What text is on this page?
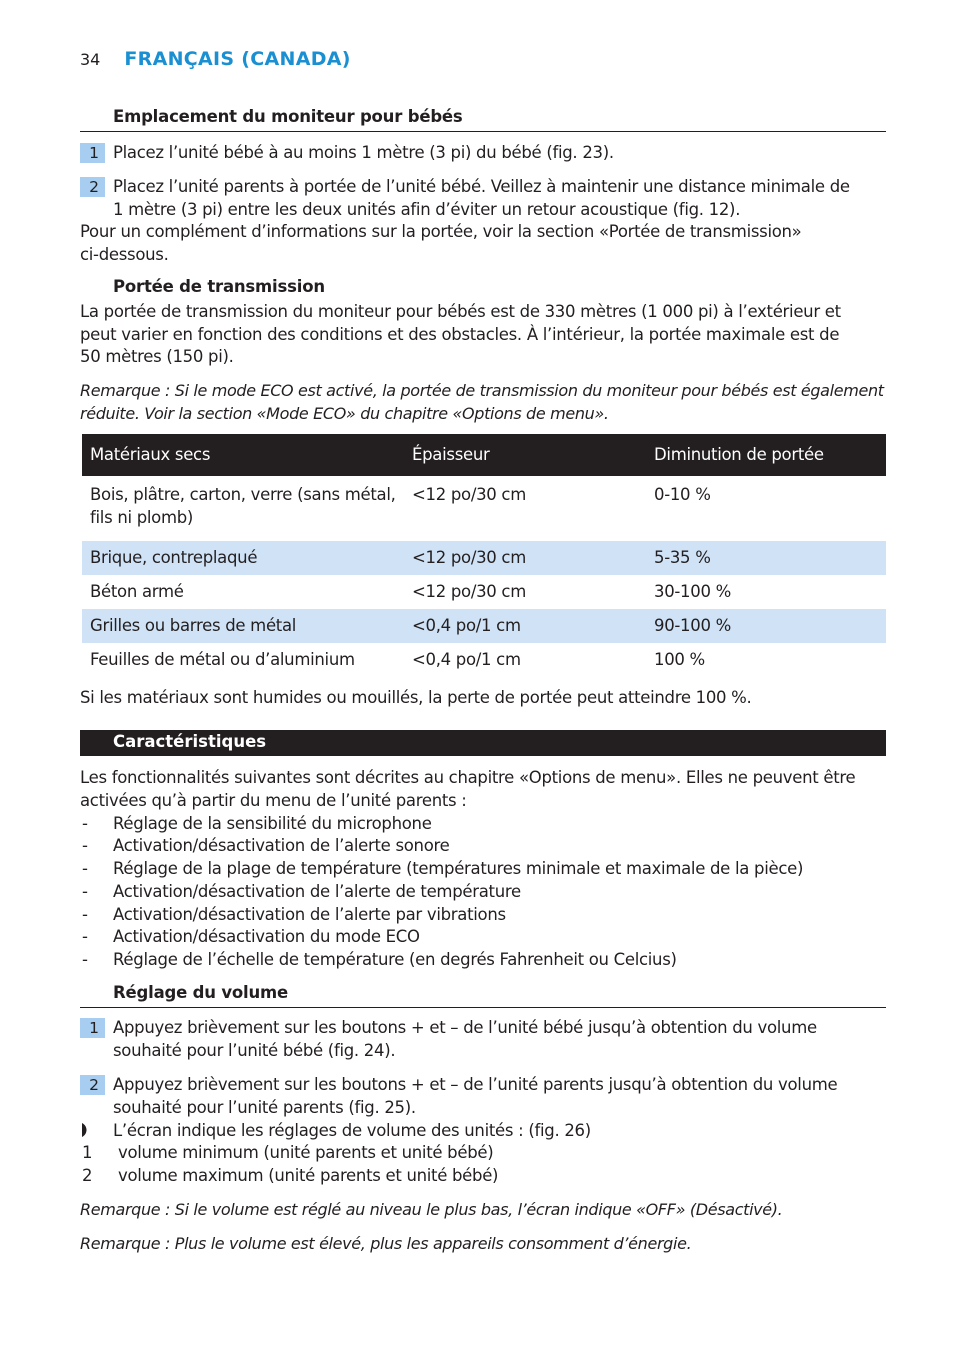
34 FRANÇAIS (CANADA)
Emplacement du moniteur pour bébés
1 Placez l’unité bébé à au moins 1 mètre (3 pi) du bébé (fig. 23).
2 Placez l’unité parents à portée de l’unité bébé. Veillez à maintenir une distance minimale de
1 mètre (3 pi) entre les deux unités afin d’éviter un retour acoustique (fig. 12).
Pour un complément d’informations sur la portée, voir la section «Portée de transmission»
ci-dessous.
Portée de transmission
La portée de transmission du moniteur pour bébés est de 330 mètres (1 000 pi) à l’extérieur et
peut varier en fonction des conditions et des obstacles. À l’intérieur, la portée maximale est de
50 mètres (150 pi).
Remarque : Si le mode ECO est activé, la portée de transmission du moniteur pour bébés est également
réduite. Voir la section «Mode ECO» du chapitre «Options de menu».
Matériaux secs	Épaisseur	Diminution de portée

Bois, plâtre, carton, verre (sans métal,
fils ni plomb)	<12 po/30 cm	0-10 %
Brique, contreplaqué	<12 po/30 cm	5-35 %
Béton armé	<12 po/30 cm	30-100 %
Grilles ou barres de métal	<0,4 po/1 cm	90-100 %
Feuilles de métal ou d’aluminium	<0,4 po/1 cm	100 %
Si les matériaux sont humides ou mouillés, la perte de portée peut atteindre 100 %.
Caractéristiques
Les fonctionnalités suivantes sont décrites au chapitre «Options de menu». Elles ne peuvent être
activées qu’à partir du menu de l’unité parents :
- Réglage de la sensibilité du microphone
- Activation/désactivation de l’alerte sonore
- Réglage de la plage de température (températures minimale et maximale de la pièce)
- Activation/désactivation de l’alerte de température
- Activation/désactivation de l’alerte par vibrations
- Activation/désactivation du mode ECO
- Réglage de l’échelle de température (en degrés Fahrenheit ou Celcius)
Réglage du volume
1 Appuyez brièvement sur les boutons + et – de l’unité bébé jusqu’à obtention du volume
souhaité pour l’unité bébé (fig. 24).
2 Appuyez brièvement sur les boutons + et – de l’unité parents jusqu’à obtention du volume
souhaité pour l’unité parents (fig. 25).
L’écran indique les réglages de volume des unités : (fig. 26)
1 volume minimum (unité parents et unité bébé)
2 volume maximum (unité parents et unité bébé)
Remarque : Si le volume est réglé au niveau le plus bas, l’écran indique «OFF» (Désactivé).
Remarque : Plus le volume est élevé, plus les appareils consomment d’énergie.
